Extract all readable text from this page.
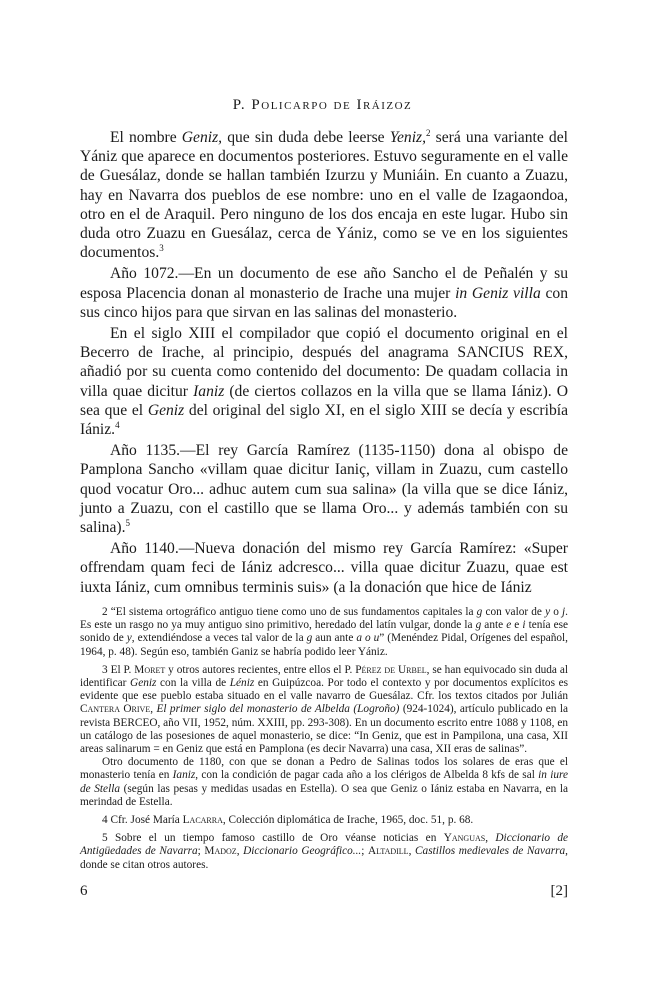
P. Policarpo de Iráizoz

El nombre Geniz, que sin duda debe leerse Yeniz,$^2$ será una variante del Yániz que aparece en documentos posteriores. Estuvo seguramente en el valle de Guesálaz, donde se hallan también Izurzu y Muniáin. En cuanto a Zuazu, hay en Navarra dos pueblos de ese nombre: uno en el valle de Izagaondoa, otro en el de Araquil. Pero ninguno de los dos encaja en este lugar. Hubo sin duda otro Zuazu en Guesálaz, cerca de Yániz, como se ve en los siguientes documentos.$^3$

Año 1072.—En un documento de ese año Sancho el de Peñalén y su esposa Placencia donan al monasterio de Irache una mujer in Geniz villa con sus cinco hijos para que sirvan en las salinas del monasterio.

En el siglo XIII el compilador que copió el documento original en el Becerro de Irache, al principio, después del anagrama SANCIUS REX, añadió por su cuenta como contenido del documento: De quadam collacia in villa quae dicitur Ianiz (de ciertos collazos en la villa que se llama Iániz). O sea que el Geniz del original del siglo XI, en el siglo XIII se decía y escribía Iániz.$^4$

Año 1135.—El rey García Ramírez (1135-1150) dona al obispo de Pamplona Sancho «villam quae dicitur Ianiç, villam in Zuazu, cum castello quod vocatur Oro... adhuc autem cum sua salina» (la villa que se dice Iániz, junto a Zuazu, con el castillo que se llama Oro... y además también con su salina).$^5$

Año 1140.—Nueva donación del mismo rey García Ramírez: «Super offrendam quam feci de Iániz adcresco... villa quae dicitur Zuazu, quae est iuxta Iániz, cum omnibus terminis suis» (a la donación que hice de Iániz

2 “El sistema ortográfico antiguo tiene como uno de sus fundamentos capitales la g con valor de y o j. Es este un rasgo no ya muy antiguo sino primitivo, heredado del latín vulgar, donde la g ante e e i tenía ese sonido de y, extendiéndose a veces tal valor de la g aun ante a o u” (Menéndez Pidal, Orígenes del español, 1964, p. 48). Según eso, también Ganiz se habría podido leer Yániz.

3 El P. Moret y otros autores recientes, entre ellos el P. Pérez de Urbel, se han equivocado sin duda al identificar Geniz con la villa de Léniz en Guipúzcoa. Por todo el contexto y por documentos explícitos es evidente que ese pueblo estaba situado en el valle navarro de Guesálaz. Cfr. los textos citados por Julián Cantera Orive, El primer siglo del monasterio de Albelda (Logroño) (924-1024), artículo publicado en la revista BERCEO, año VII, 1952, núm. XXIII, pp. 293-308). En un documento escrito entre 1088 y 1108, en un catálogo de las posesiones de aquel monasterio, se dice: “In Geniz, que est in Pampilona, una casa, XII areas salinarum = en Geniz que está en Pamplona (es decir Navarra) una casa, XII eras de salinas”.

Otro documento de 1180, con que se donan a Pedro de Salinas todos los solares de eras que el monasterio tenía en Ianiz, con la condición de pagar cada año a los clérigos de Albelda 8 kfs de sal in iure de Stella (según las pesas y medidas usadas en Estella). O sea que Geniz o Iániz estaba en Navarra, en la merindad de Estella.

4 Cfr. José María Lacarra, Colección diplomática de Irache, 1965, doc. 51, p. 68.

5 Sobre el un tiempo famoso castillo de Oro véanse noticias en Yanguas, Diccionario de Antigüedades de Navarra; Madoz, Diccionario Geográfico...; Altadill, Castillos medievales de Navarra, donde se citan otros autores.

6	[2]
